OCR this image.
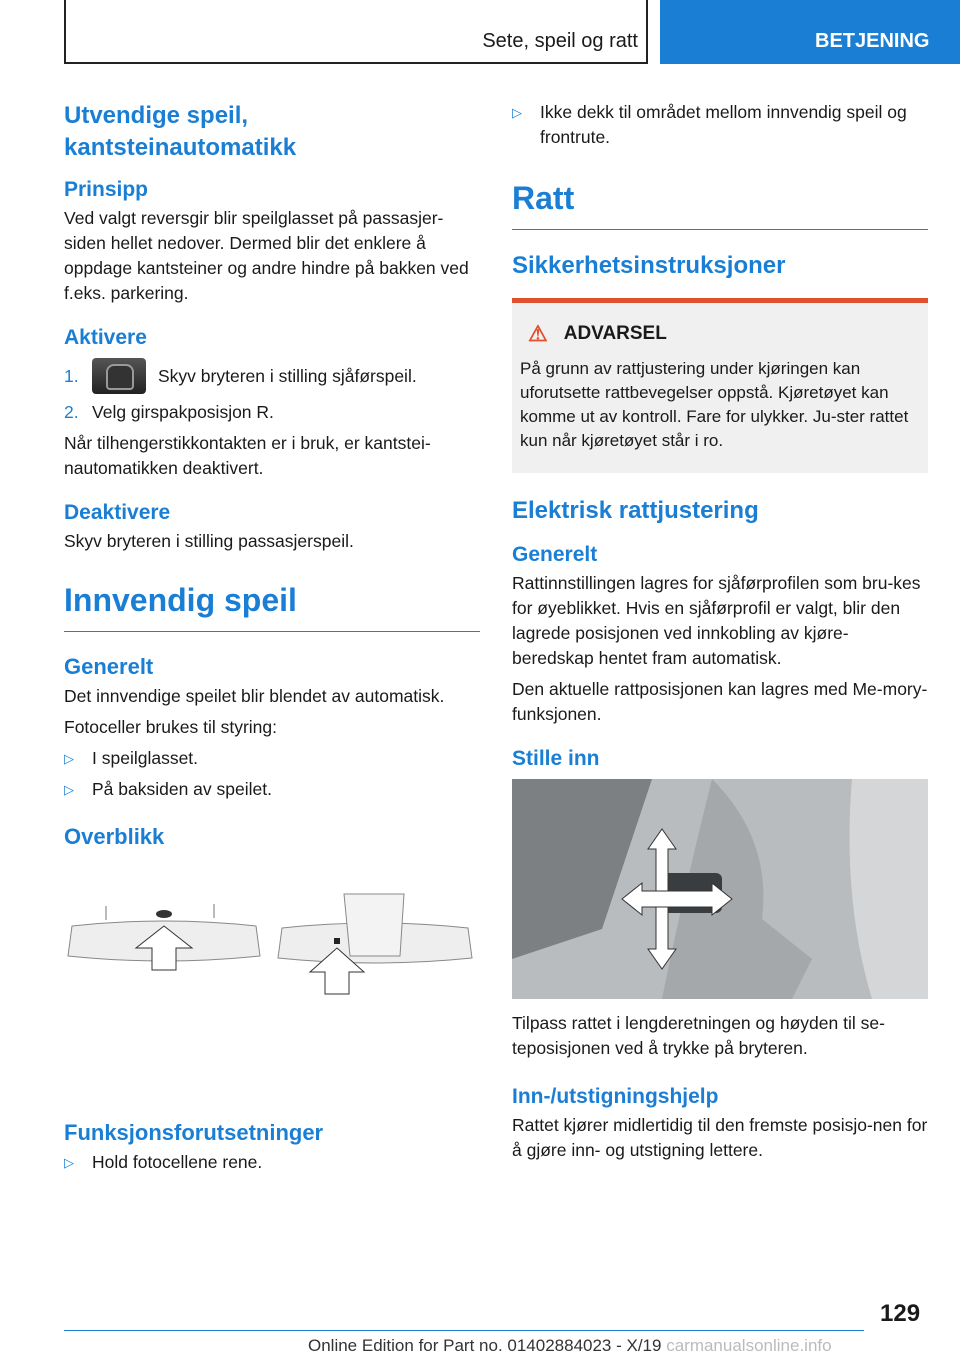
Sete, speil og ratt	BETJENING
Utvendige speil, kantsteinautomatikk
Prinsipp

Ved valgt reversgir blir speilglasset på passasjer-siden hellet nedover. Dermed blir det enklere å oppdage kantsteiner og andre hindre på bakken ved f.eks. parkering.

Aktivere
1.	Skyv bryteren i stilling sjåførspeil.
2. Velg girspakposisjon R.

Når tilhengerstikkontakten er i bruk, er kantstei-nautomatikken deaktivert.

Deaktivere

Skyv bryteren i stilling passasjerspeil.

Innvendig speil
Generelt

Det innvendige speilet blir blendet av automatisk.

Fotoceller brukes til styring:

▷	I speilglasset.
▷	På baksiden av speilet.
Overblikk
Funksjonsforutsetninger
▷	Hold fotocellene rene.
▷	Ikke dekk til området mellom innvendig speil og frontrute.
Ratt
Sikkerhetsinstruksjoner
⚠ ADVARSEL

På grunn av rattjustering under kjøringen kan uforutsette rattbevegelser oppstå. Kjøretøyet kan komme ut av kontroll. Fare for ulykker. Ju-ster rattet kun når kjøretøyet står i ro.

Elektrisk rattjustering
Generelt

Rattinnstillingen lagres for sjåførprofilen som bru-kes for øyeblikket. Hvis en sjåførprofil er valgt, blir den lagrede posisjonen ved innkobling av kjøre-beredskap hentet fram automatisk.

Den aktuelle rattposisjonen kan lagres med Me-mory-funksjonen.

Stille inn

Tilpass rattet i lengderetningen og høyden til se-teposisjonen ved å trykke på bryteren.

Inn-/utstigningshjelp

Rattet kjører midlertidig til den fremste posisjo-nen for å gjøre inn- og utstigning lettere.

129
Online Edition for Part no. 01402884023 - X/19 carmanualsonline.info
